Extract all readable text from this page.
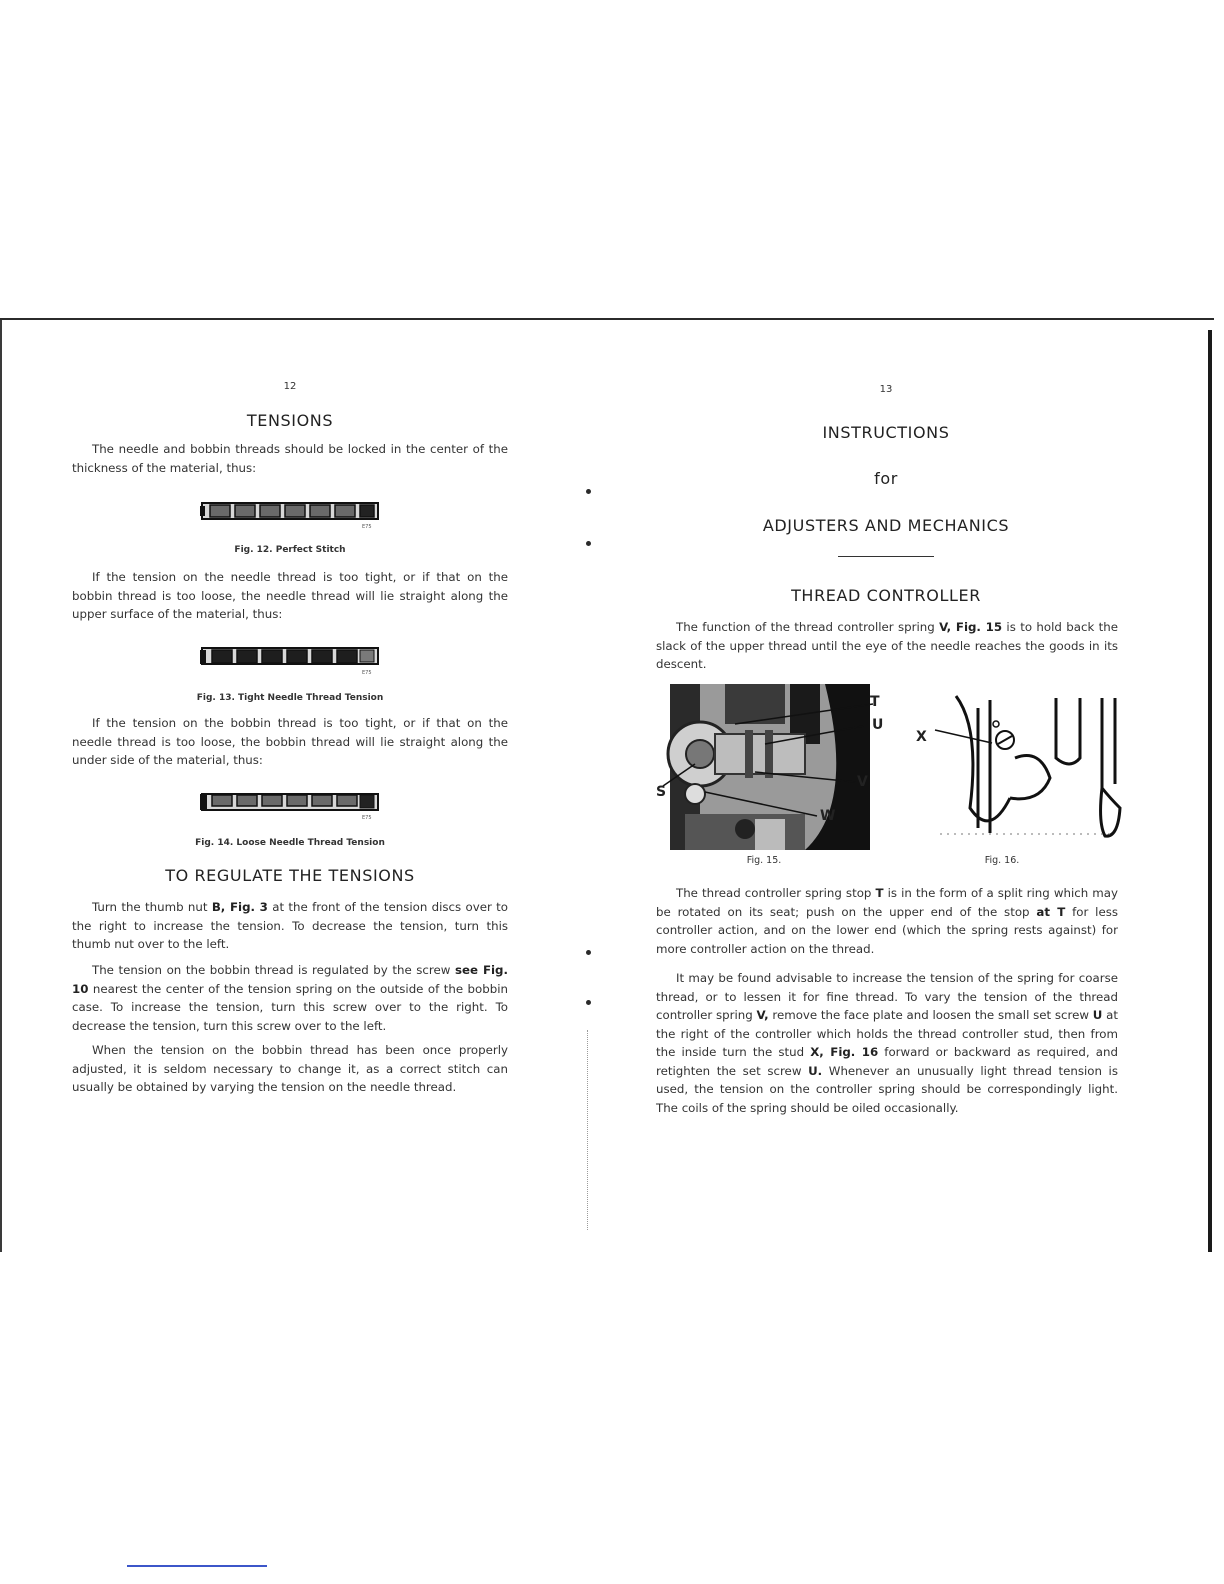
12
TENSIONS
The needle and bobbin threads should be locked in the center of the thickness of the material, thus:
E75
Fig. 12. Perfect Stitch
If the tension on the needle thread is too tight, or if that on the bobbin thread is too loose, the needle thread will lie straight along the upper surface of the material, thus:
E75
Fig. 13. Tight Needle Thread Tension
If the tension on the bobbin thread is too tight, or if that on the needle thread is too loose, the bobbin thread will lie straight along the under side of the material, thus:
E75
Fig. 14. Loose Needle Thread Tension
TO REGULATE THE TENSIONS
Turn the thumb nut B, Fig. 3 at the front of the tension discs over to the right to increase the tension. To decrease the tension, turn this thumb nut over to the left.
The tension on the bobbin thread is regulated by the screw see Fig. 10 nearest the center of the tension spring on the outside of the bobbin case. To increase the tension, turn this screw over to the right. To decrease the tension, turn this screw over to the left.
When the tension on the bobbin thread has been once properly adjusted, it is seldom necessary to change it, as a correct stitch can usually be obtained by varying the tension on the needle thread.
13
INSTRUCTIONS
for
ADJUSTERS AND MECHANICS
THREAD CONTROLLER
The function of the thread controller spring V, Fig. 15 is to hold back the slack of the upper thread until the eye of the needle reaches the goods in its descent.
T
U
S
V
W
Fig. 15.
X
Fig. 16.
The thread controller spring stop T is in the form of a split ring which may be rotated on its seat; push on the upper end of the stop at T for less controller action, and on the lower end (which the spring rests against) for more controller action on the thread.
It may be found advisable to increase the tension of the spring for coarse thread, or to lessen it for fine thread. To vary the tension of the thread controller spring V, remove the face plate and loosen the small set screw U at the right of the controller which holds the thread controller stud, then from the inside turn the stud X, Fig. 16 forward or backward as required, and retighten the set screw U. Whenever an unusually light thread tension is used, the tension on the controller spring should be correspondingly light. The coils of the spring should be oiled occasionally.
